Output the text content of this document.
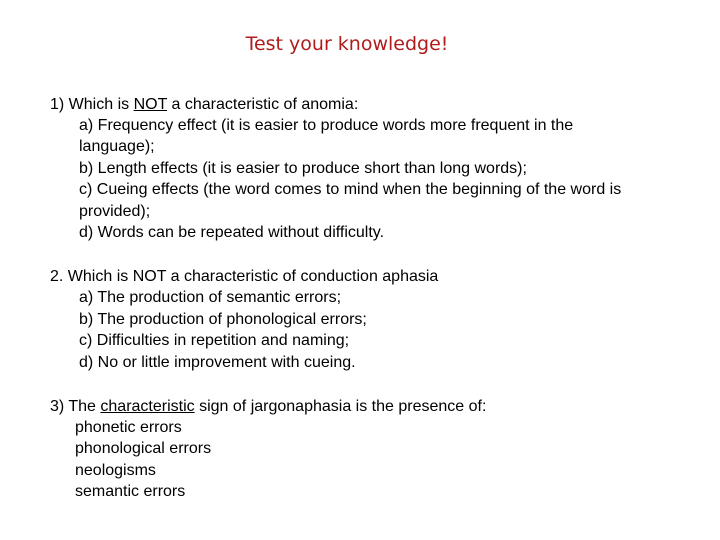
Test your knowledge!
1) Which is NOT a characteristic of anomia:
a) Frequency effect (it is easier to produce words more frequent in the
language);
b) Length effects (it is easier to produce short than long words);
c) Cueing effects (the word comes to mind when the beginning of the word is
provided);
d) Words can be repeated without difficulty.
2. Which is NOT a characteristic of conduction aphasia
a) The production of semantic errors;
b) The production of phonological errors;
c) Difficulties in repetition and naming;
d) No or little improvement with cueing.
3) The characteristic sign of jargonaphasia is the presence of:
phonetic errors
phonological errors
neologisms
semantic errors
